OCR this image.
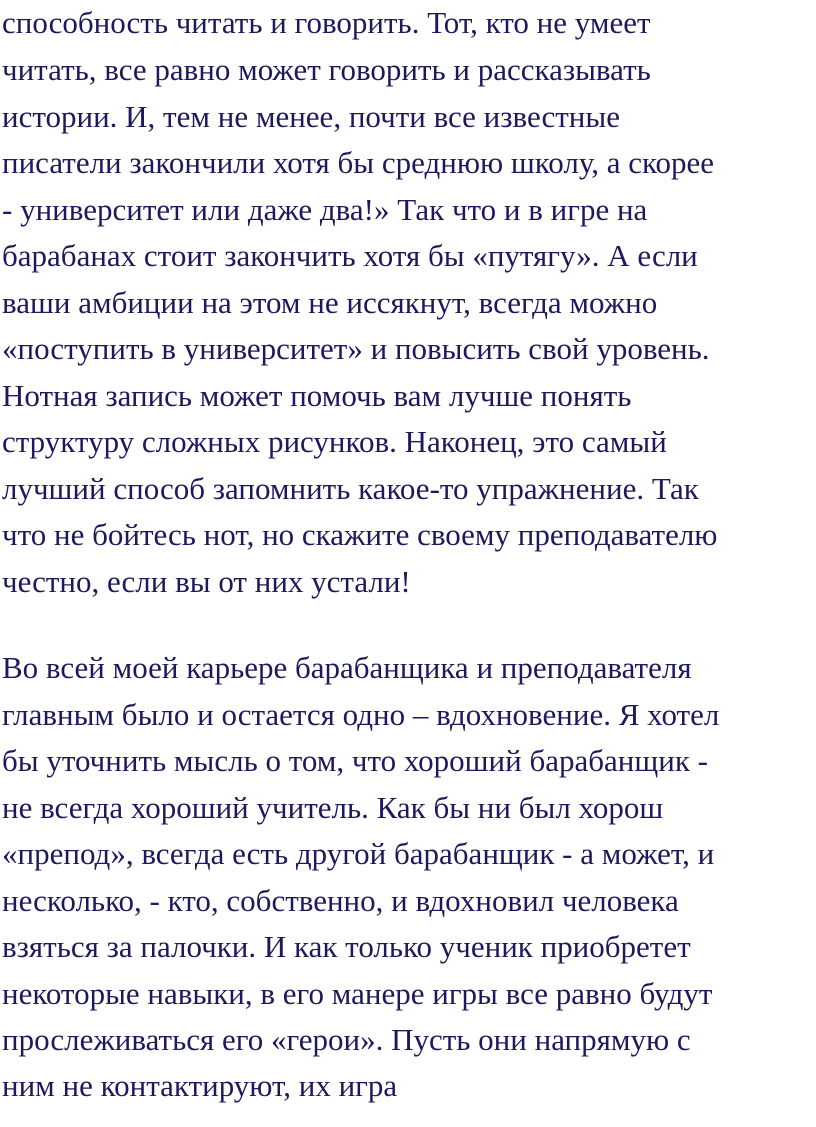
способность читать и говорить. Тот, кто не умеет
читать, все равно может говорить и рассказывать
истории. И, тем не менее, почти все известные
писатели закончили хотя бы среднюю школу, а скорее
- университет или даже два!» Так что и в игре на
барабанах стоит закончить хотя бы «путягу». А если
ваши амбиции на этом не иссякнут, всегда можно
«поступить в университет» и повысить свой уровень.
Нотная запись может помочь вам лучше понять
структуру сложных рисунков. Наконец, это самый
лучший способ запомнить какое-то упражнение. Так
что не бойтесь нот, но скажите своему преподавателю
честно, если вы от них устали!
Во всей моей карьере барабанщика и преподавателя
главным было и остается одно – вдохновение. Я хотел
бы уточнить мысль о том, что хороший барабанщик -
не всегда хороший учитель. Как бы ни был хорош
«препод», всегда есть другой барабанщик - а может, и
несколько, - кто, собственно, и вдохновил человека
взяться за палочки. И как только ученик приобретет
некоторые навыки, в его манере игры все равно будут
прослеживаться его «герои». Пусть они напрямую с
ним не контактируют, их игра
